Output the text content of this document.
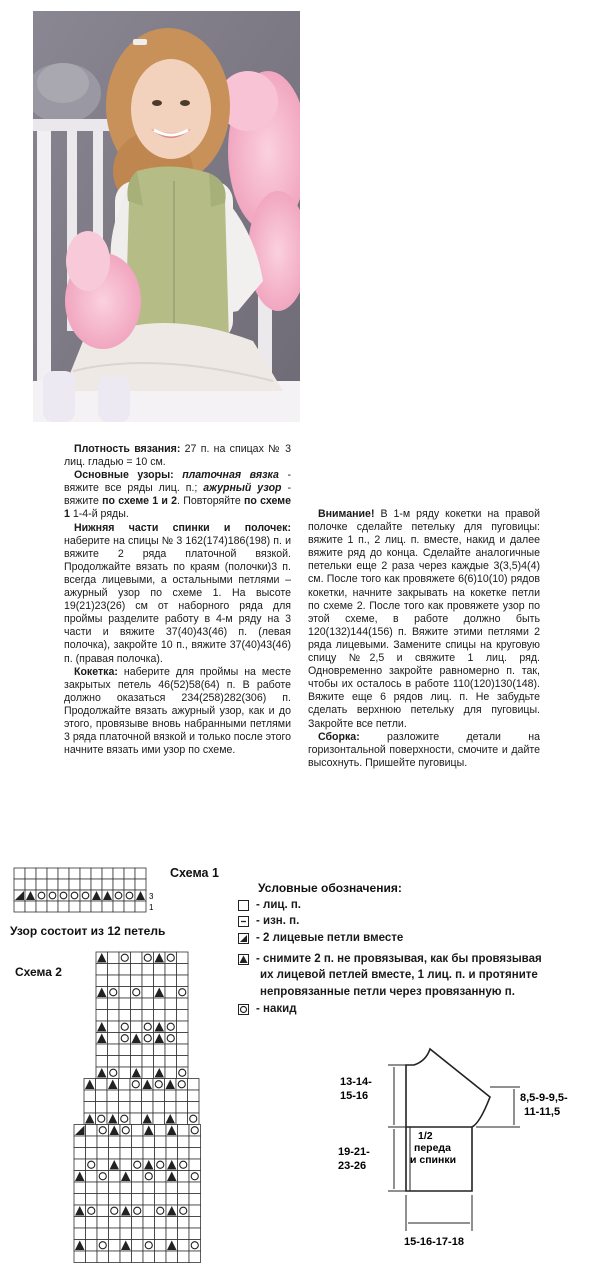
Плотность вязания: 27 п. на спицах № 3 лиц. гладью = 10 см.

Основные узоры: платочная вязка - вяжите все ряды лиц. п.; ажурный узор - вяжите по схеме 1 и 2. Повторяйте по схеме 1 1-4-й ряды.

Нижняя части спинки и полочек: наберите на спицы № 3 162(174)186(198) п. и вяжите 2 ряда платочной вязкой. Продолжайте вязать по краям (полочки)3 п. всегда лицевыми, а остальными петлями – ажурный узор по схеме 1. На высоте 19(21)23(26) см от наборного ряда для проймы разделите работу в 4-м ряду на 3 части и вяжите 37(40)43(46) п. (левая полочка), закройте 10 п., вяжите 37(40)43(46) п. (правая полочка).

Кокетка: наберите для проймы на месте закрытых петель 46(52)58(64) п. В работе должно оказаться 234(258)282(306) п. Продолжайте вязать ажурный узор, как и до этого, провязыве вновь набранными петлями 3 ряда платочной вязкой и только после этого начните вязать ими узор по схеме.

Внимание! В 1-м ряду кокетки на правой полочке сделайте петельку для пуговицы: вяжите 1 п., 2 лиц. п. вместе, накид и далее вяжите ряд до конца. Сделайте аналогичные петельки еще 2 раза через каждые 3(3,5)4(4) см. После того как провяжете 6(6)10(10) рядов кокетки, начните закрывать на кокетке петли по схеме 2. После того как провяжете узор по этой схеме, в работе должно быть 120(132)144(156) п. Вяжите этими петлями 2 ряда лицевыми. Замените спицы на круговую спицу №2,5 и свяжите 1 лиц. ряд. Одновременно закройте равномерно п. так, чтобы их осталось в работе 110(120)130(148). Вяжите еще 6 рядов лиц. п. Не забудьте сделать верхнюю петельку для пуговицы. Закройте все петли.

Сборка: разложите детали на горизонтальной поверхности, смочите и дайте высохнуть. Пришейте пуговицы.

Схема 1
3
1
Узор состоит из 12 петель
Схема 2
Условные обозначения:
- лиц. п.
- изн. п.
- 2 лицевые петли вместе
- снимите 2 п. не провязывая, как бы провязывая
их лицевой петлей вместе, 1 лиц. п. и протяните
непровязанные петли через провязанную п.
- накид
13-14-
15-16
19-21-
23-26
8,5-9-9,5-
11-11,5
1/2
переда
и спинки
15-16-17-18
